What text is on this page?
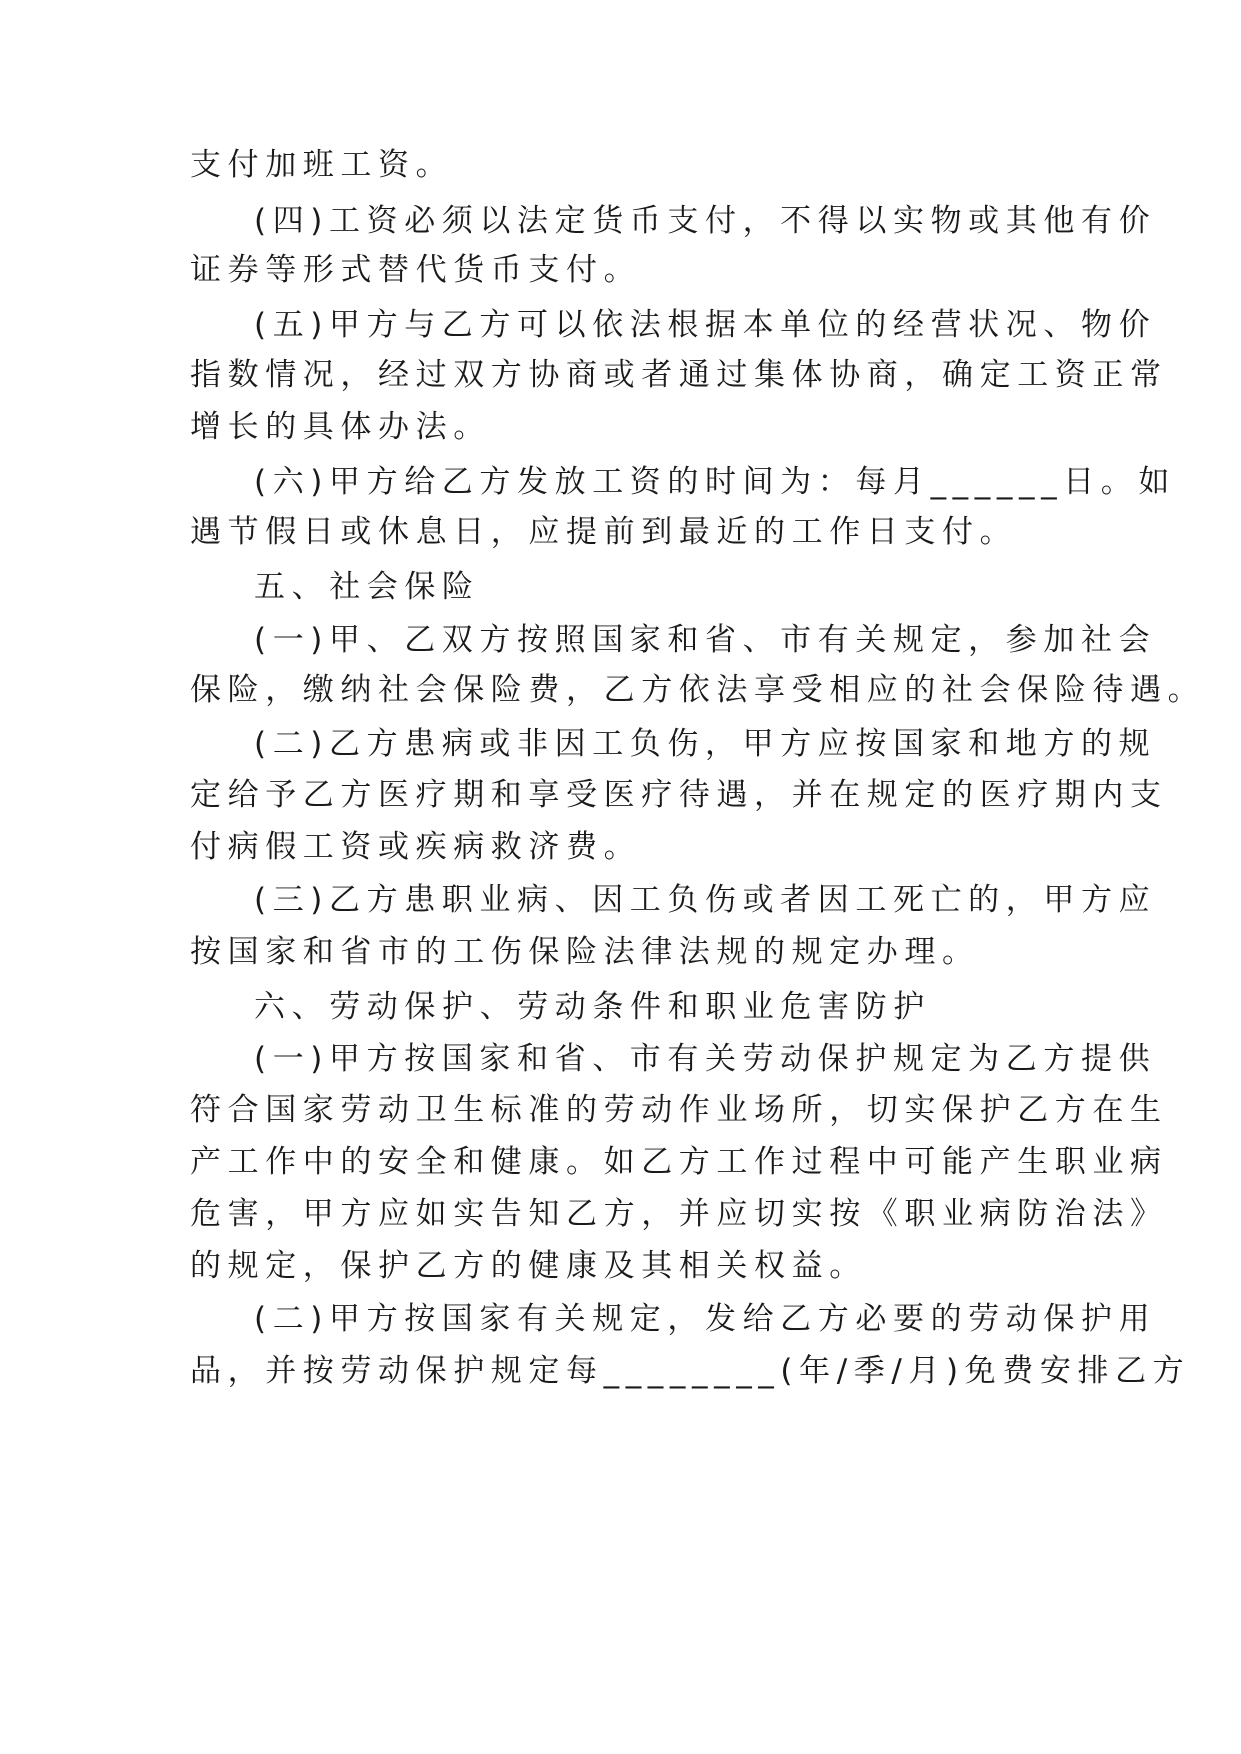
支付加班工资。
(四)工资必须以法定货币支付，不得以实物或其他有价
证券等形式替代货币支付。
(五)甲方与乙方可以依法根据本单位的经营状况、物价
指数情况，经过双方协商或者通过集体协商，确定工资正常
增长的具体办法。
(六)甲方给乙方发放工资的时间为：每月______日。如
遇节假日或休息日，应提前到最近的工作日支付。
五、社会保险
(一)甲、乙双方按照国家和省、市有关规定，参加社会
保险，缴纳社会保险费，乙方依法享受相应的社会保险待遇。
(二)乙方患病或非因工负伤，甲方应按国家和地方的规
定给予乙方医疗期和享受医疗待遇，并在规定的医疗期内支
付病假工资或疾病救济费。
(三)乙方患职业病、因工负伤或者因工死亡的，甲方应
按国家和省市的工伤保险法律法规的规定办理。
六、劳动保护、劳动条件和职业危害防护
(一)甲方按国家和省、市有关劳动保护规定为乙方提供
符合国家劳动卫生标准的劳动作业场所，切实保护乙方在生
产工作中的安全和健康。如乙方工作过程中可能产生职业病
危害，甲方应如实告知乙方，并应切实按《职业病防治法》
的规定，保护乙方的健康及其相关权益。
(二)甲方按国家有关规定，发给乙方必要的劳动保护用
品，并按劳动保护规定每________(年/季/月)免费安排乙方
